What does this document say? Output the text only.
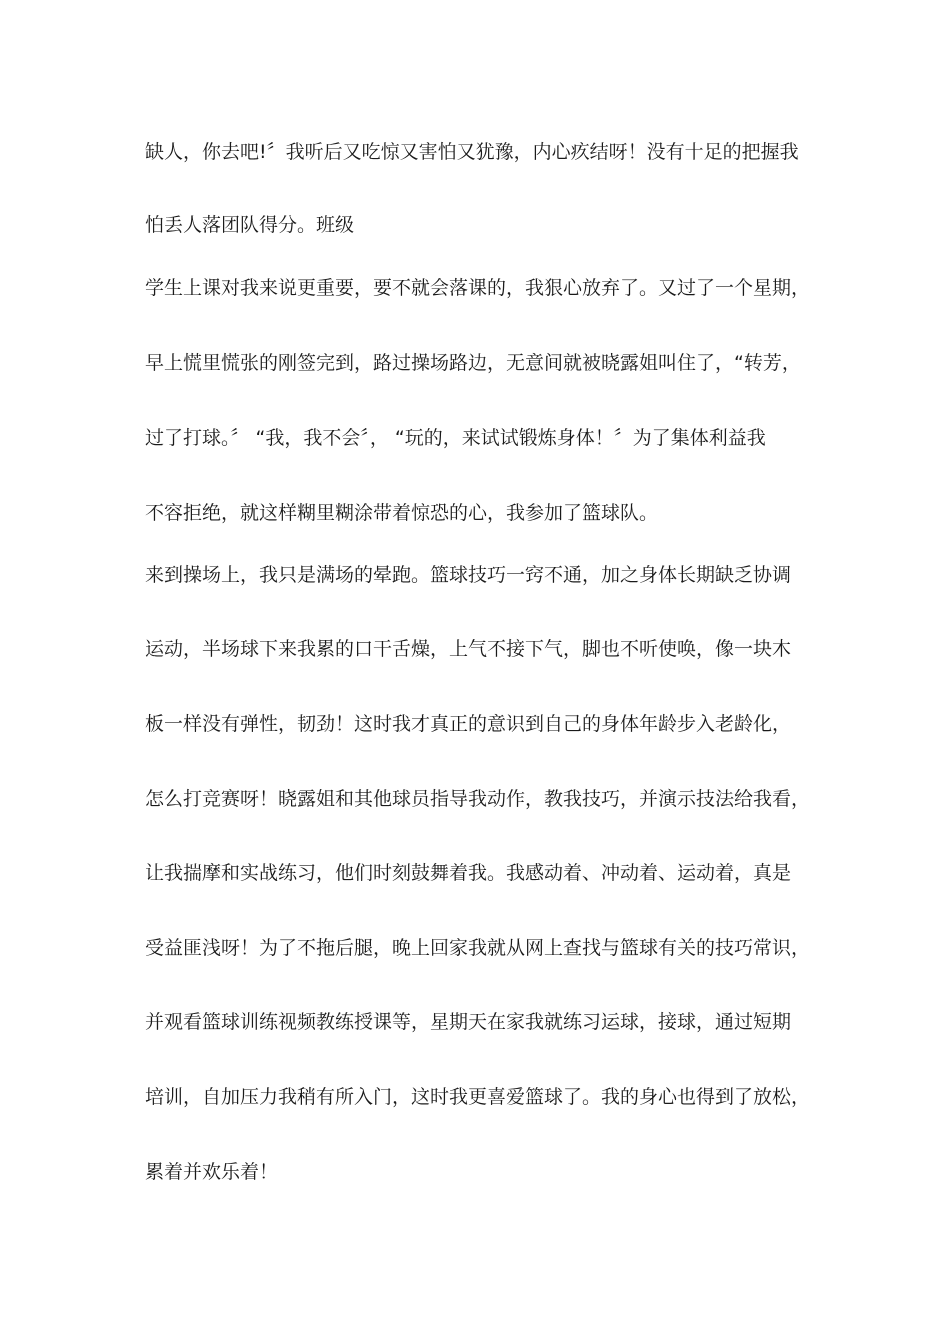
缺人，你去吧!〞我听后又吃惊又害怕又犹豫，内心疚结呀！没有十足的把握我

怕丢人落团队得分。班级

学生上课对我来说更重要，要不就会落课的，我狠心放弃了。又过了一个星期，

早上慌里慌张的刚签完到，路过操场路边，无意间就被晓露姐叫住了，“转芳，

过了打球。〞 “我，我不会〞， “玩的，来试试锻炼身体！〞为了集体利益我

不容拒绝，就这样糊里糊涂带着惊恐的心，我参加了篮球队。

来到操场上，我只是满场的晕跑。篮球技巧一窍不通，加之身体长期缺乏协调

运动，半场球下来我累的口干舌燥，上气不接下气，脚也不听使唤，像一块木

板一样没有弹性，韧劲！这时我才真正的意识到自己的身体年龄步入老龄化，

怎么打竞赛呀！晓露姐和其他球员指导我动作，教我技巧，并演示技法给我看，

让我揣摩和实战练习，他们时刻鼓舞着我。我感动着、冲动着、运动着，真是

受益匪浅呀！为了不拖后腿，晚上回家我就从网上查找与篮球有关的技巧常识，

并观看篮球训练视频教练授课等，星期天在家我就练习运球，接球，通过短期

培训，自加压力我稍有所入门，这时我更喜爱篮球了。我的身心也得到了放松，

累着并欢乐着！
